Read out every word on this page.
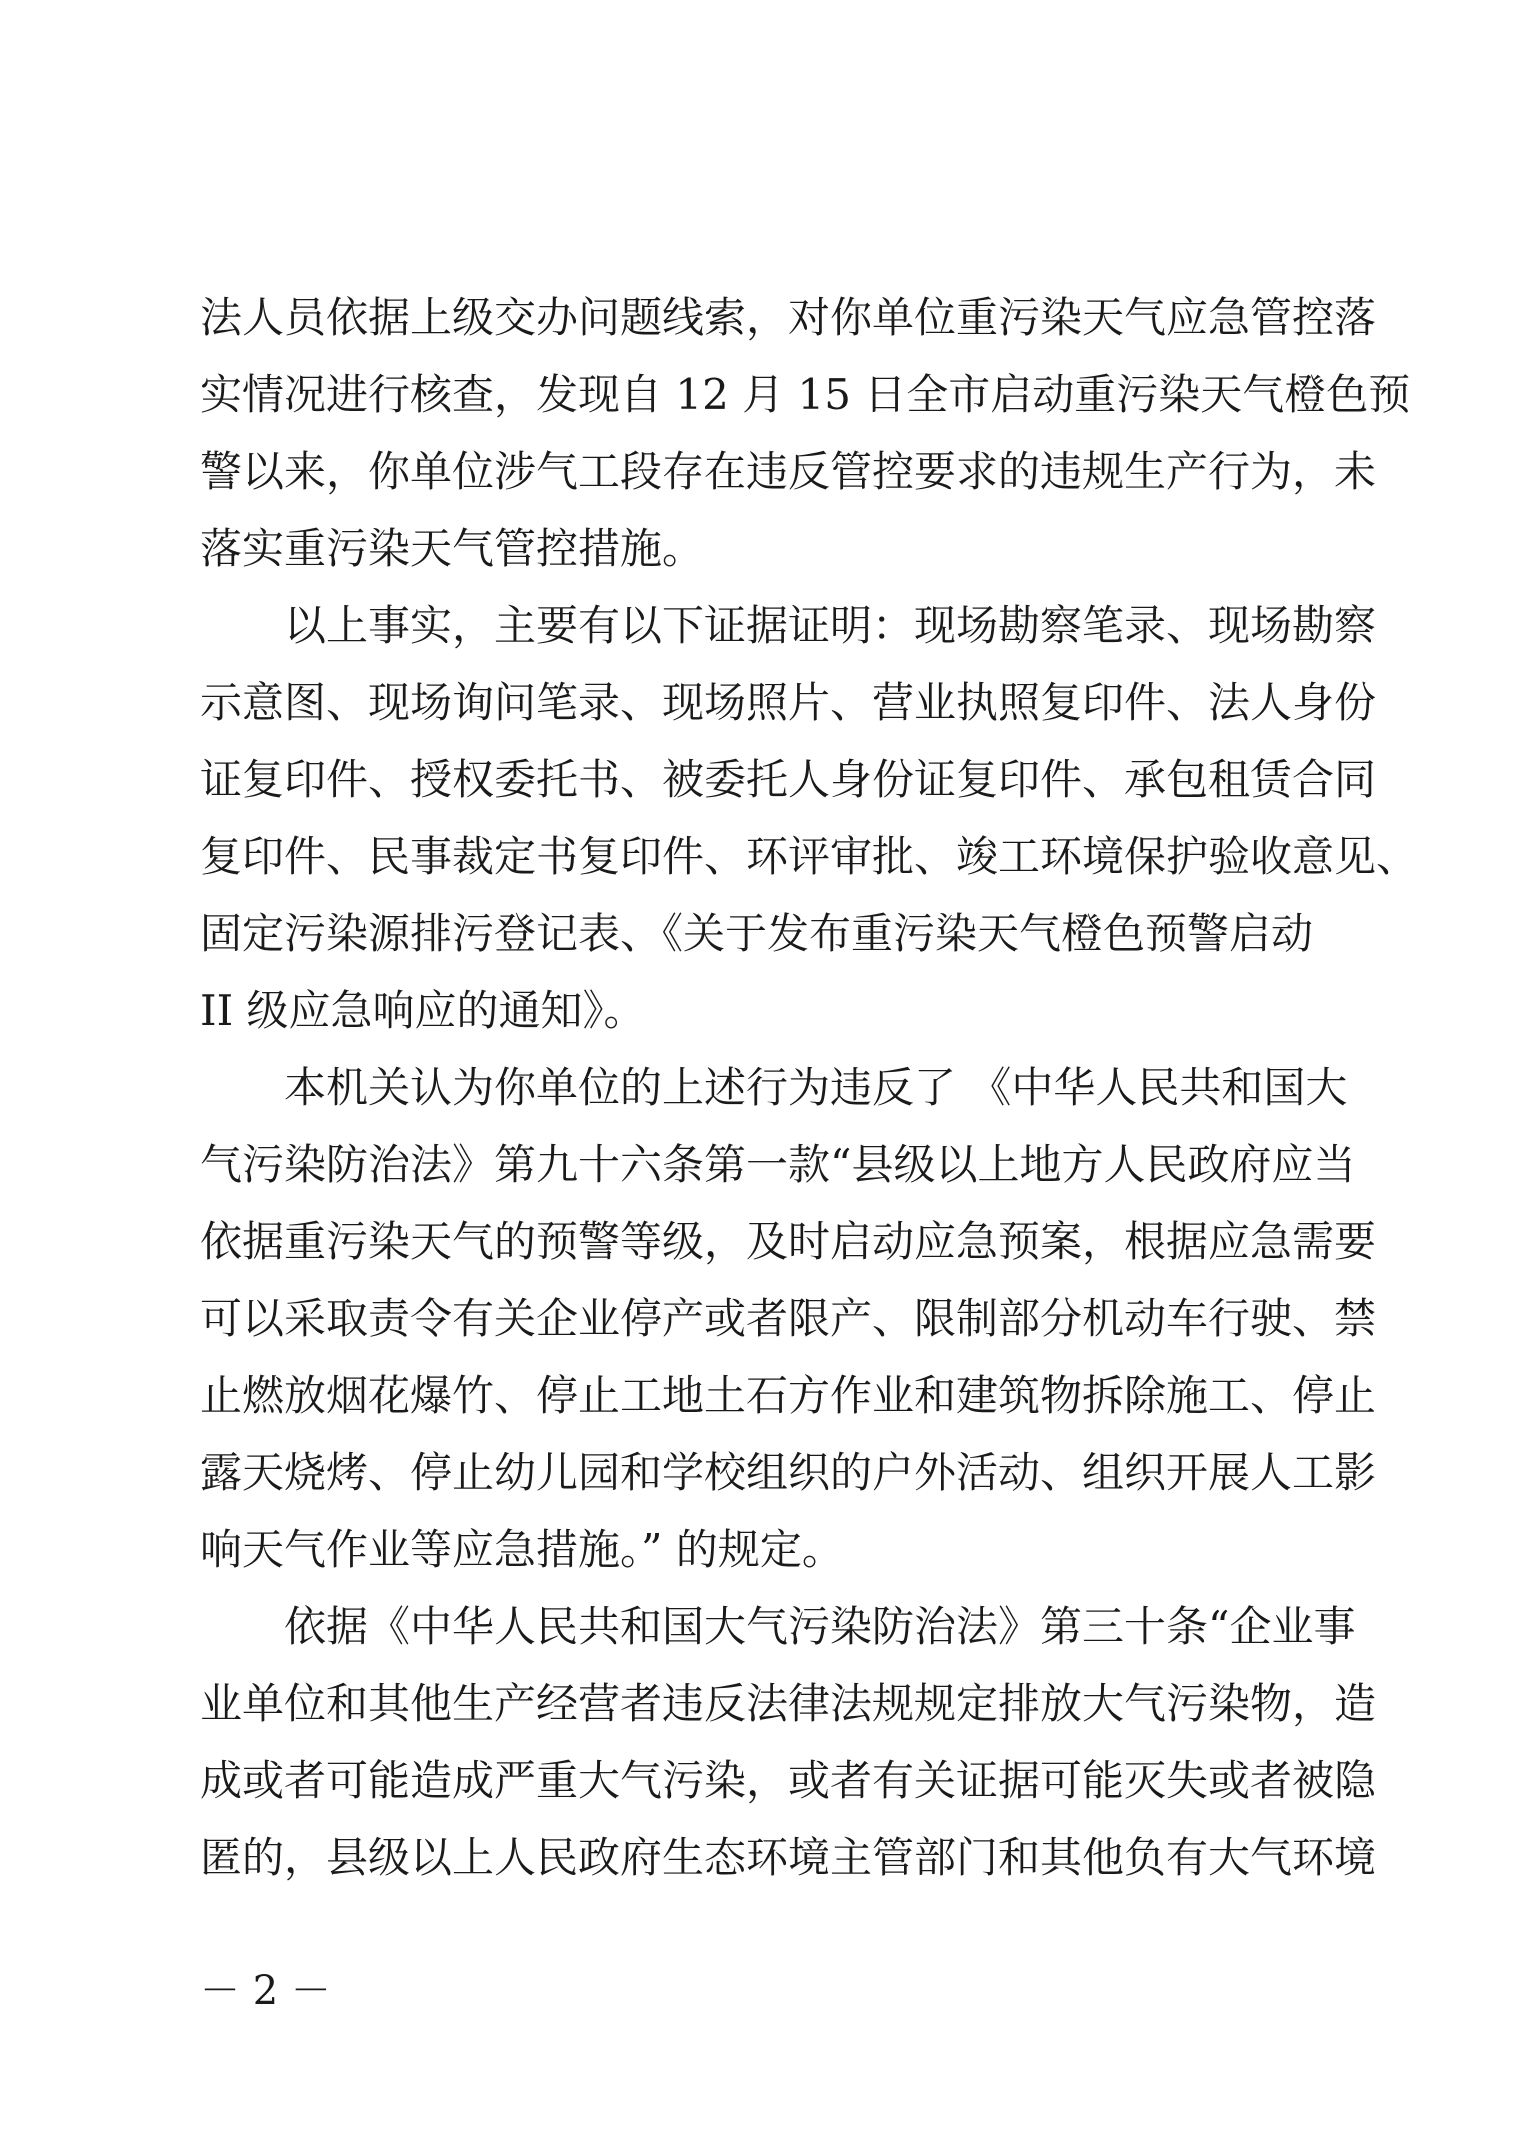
法人员依据上级交办问题线索，对你单位重污染天气应急管控落

实情况进行核查，发现自 12 月 15 日全市启动重污染天气橙色预

警以来，你单位涉气工段存在违反管控要求的违规生产行为，未

落实重污染天气管控措施。

以上事实，主要有以下证据证明：现场勘察笔录、现场勘察

示意图、现场询问笔录、现场照片、营业执照复印件、法人身份

证复印件、授权委托书、被委托人身份证复印件、承包租赁合同

复印件、民事裁定书复印件、环评审批、竣工环境保护验收意见、

固定污染源排污登记表、《关于发布重污染天气橙色预警启动

II 级应急响应的通知》。

本机关认为你单位的上述行为违反了 《中华人民共和国大

气污染防治法》第九十六条第一款“县级以上地方人民政府应当

依据重污染天气的预警等级，及时启动应急预案，根据应急需要

可以采取责令有关企业停产或者限产、限制部分机动车行驶、禁

止燃放烟花爆竹、停止工地土石方作业和建筑物拆除施工、停止

露天烧烤、停止幼儿园和学校组织的户外活动、组织开展人工影

响天气作业等应急措施。” 的规定。

依据《中华人民共和国大气污染防治法》第三十条“企业事

业单位和其他生产经营者违反法律法规规定排放大气污染物，造

成或者可能造成严重大气污染，或者有关证据可能灭失或者被隐

匿的，县级以上人民政府生态环境主管部门和其他负有大气环境

－ 2 －
